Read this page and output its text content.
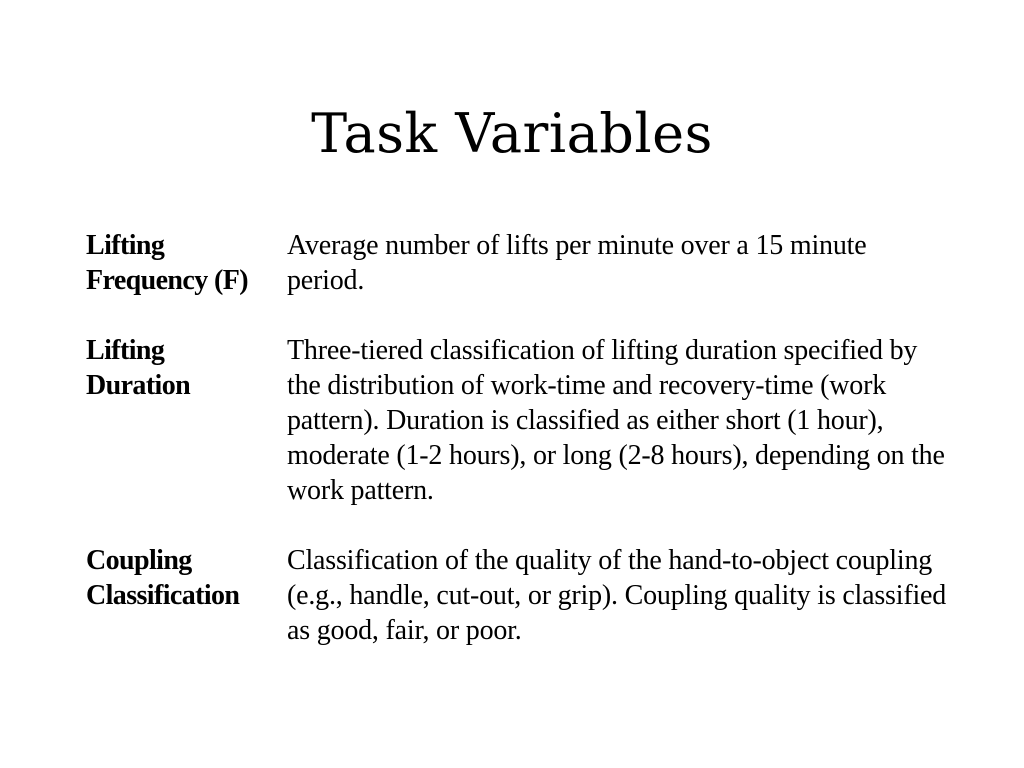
Task Variables
Lifting
Frequency (F)
Average number of lifts per minute over a 15 minute period.
Lifting
Duration
Three-tiered classification of lifting duration specified by the distribution of work-time and recovery-time (work pattern). Duration is classified as either short (1 hour), moderate (1-2 hours), or long (2-8 hours), depending on the work pattern.
Coupling
Classification
Classification of the quality of the hand-to-object coupling (e.g., handle, cut-out, or grip). Coupling quality is classified as good, fair, or poor.
